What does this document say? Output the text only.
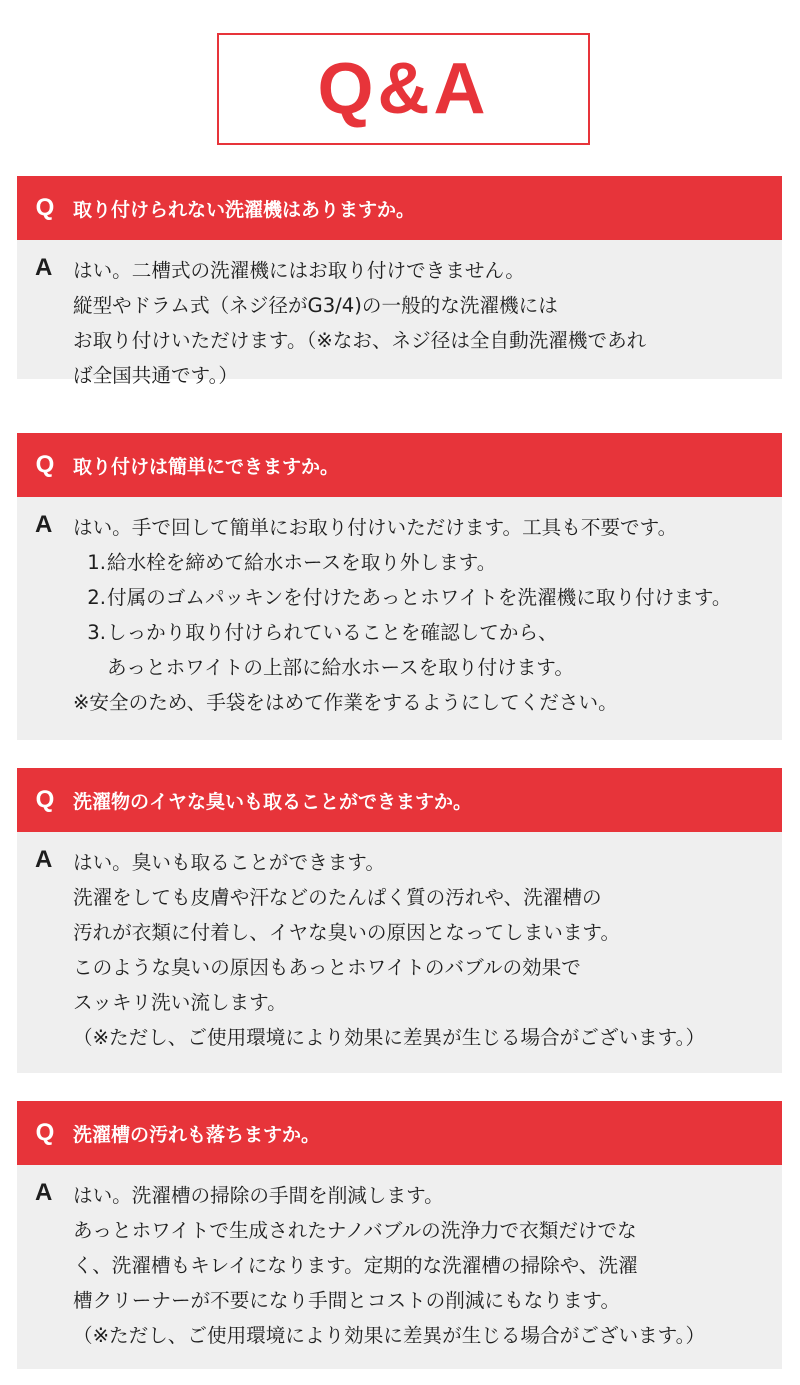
Q&A
Q 取り付けられない洗濯機はありますか。
A はい。二槽式の洗濯機にはお取り付けできません。
縦型やドラム式（ネジ径がG3/4)の一般的な洗濯機には
お取り付けいただけます。（※なお、ネジ径は全自動洗濯機であれ
ば全国共通です。）
Q 取り付けは簡単にできますか。
A はい。手で回して簡単にお取り付けいただけます。工具も不要です。
1. 給水栓を締めて給水ホースを取り外します。
2. 付属のゴムパッキンを付けたあっとホワイトを洗濯機に取り付けます。
3. しっかり取り付けられていることを確認してから、
あっとホワイトの上部に給水ホースを取り付けます。
※安全のため、手袋をはめて作業をするようにしてください。
Q 洗濯物のイヤな臭いも取ることができますか。
A はい。臭いも取ることができます。
洗濯をしても皮膚や汗などのたんぱく質の汚れや、洗濯槽の
汚れが衣類に付着し、イヤな臭いの原因となってしまいます。
このような臭いの原因もあっとホワイトのバブルの効果で
スッキリ洗い流します。
（※ただし、ご使用環境により効果に差異が生じる場合がございます。）
Q 洗濯槽の汚れも落ちますか。
A はい。洗濯槽の掃除の手間を削減します。
あっとホワイトで生成されたナノバブルの洗浄力で衣類だけでな
く、洗濯槽もキレイになります。定期的な洗濯槽の掃除や、洗濯
槽クリーナーが不要になり手間とコストの削減にもなります。
（※ただし、ご使用環境により効果に差異が生じる場合がございます。）
